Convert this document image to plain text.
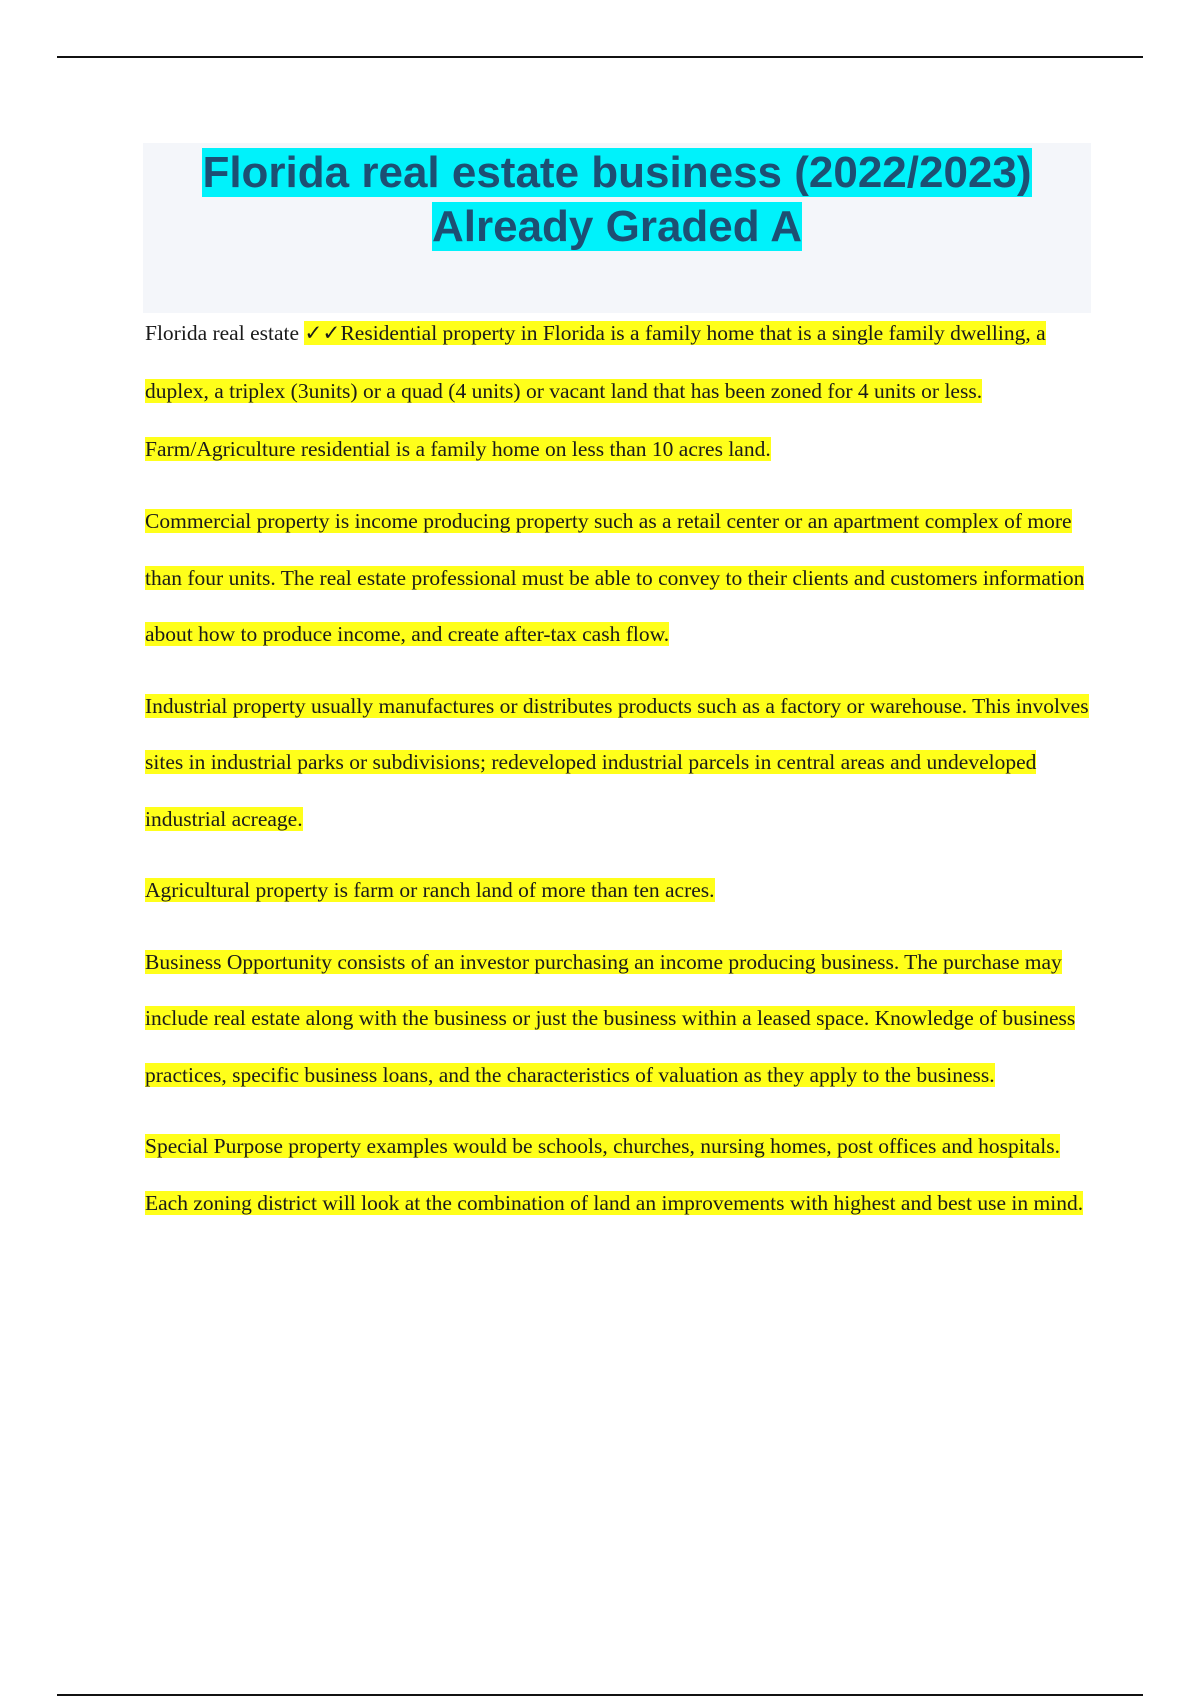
Florida real estate business (2022/2023)
Already Graded A

Florida real estate ✓✓Residential property in Florida is a family home that is a single family dwelling, a duplex, a triplex (3units) or a quad (4 units) or vacant land that has been zoned for 4 units or less. Farm/Agriculture residential is a family home on less than 10 acres land.

Commercial property is income producing property such as a retail center or an apartment complex of more than four units. The real estate professional must be able to convey to their clients and customers information about how to produce income, and create after-tax cash flow.

Industrial property usually manufactures or distributes products such as a factory or warehouse. This involves sites in industrial parks or subdivisions; redeveloped industrial parcels in central areas and undeveloped industrial acreage.

Agricultural property is farm or ranch land of more than ten acres.

Business Opportunity consists of an investor purchasing an income producing business. The purchase may include real estate along with the business or just the business within a leased space. Knowledge of business practices, specific business loans, and the characteristics of valuation as they apply to the business.

Special Purpose property examples would be schools, churches, nursing homes, post offices and hospitals. Each zoning district will look at the combination of land an improvements with highest and best use in mind.
